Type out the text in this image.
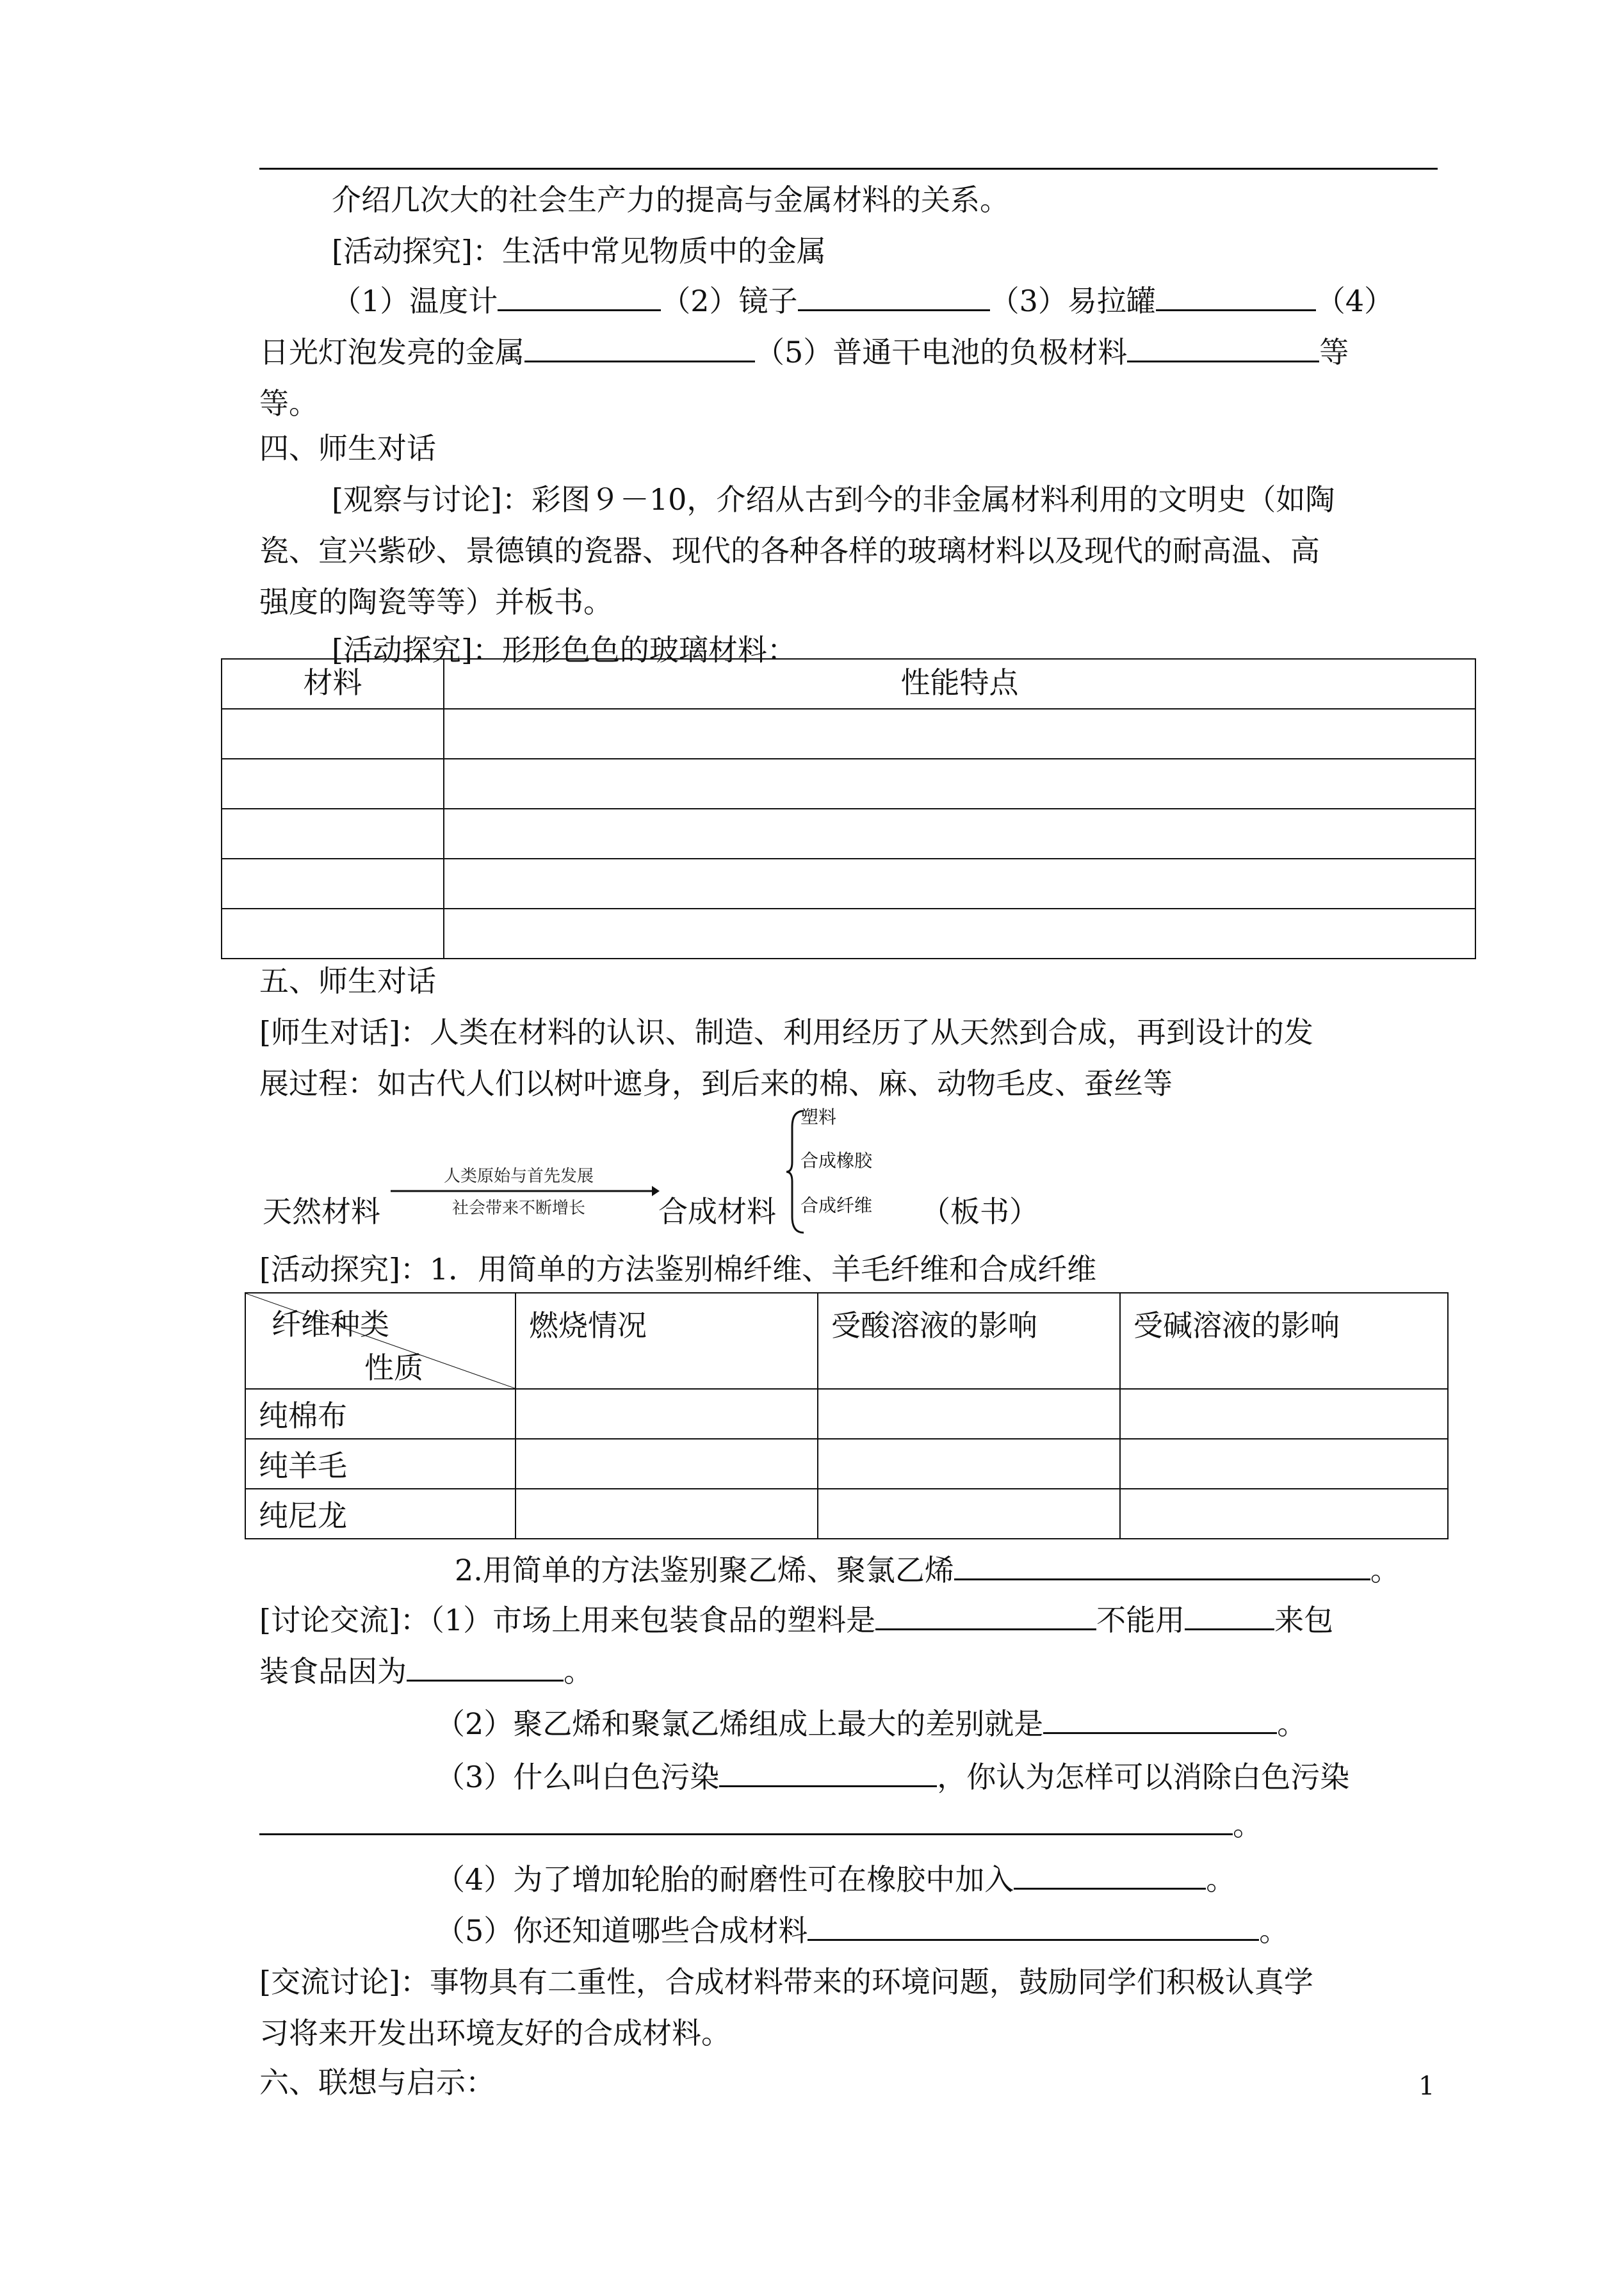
介绍几次大的社会生产力的提高与金属材料的关系。
[活动探究]：生活中常见物质中的金属
（1）温度计	（2）镜子	（3）易拉罐	（4）
日光灯泡发亮的金属	（5）普通干电池的负极材料	等
等。
四、师生对话
[观察与讨论]：彩图９－10，介绍从古到今的非金属材料利用的文明史（如陶
瓷、宣兴紫砂、景德镇的瓷器、现代的各种各样的玻璃材料以及现代的耐高温、高
强度的陶瓷等等）并板书。
[活动探究]：形形色色的玻璃材料：
材料	性能特点

五、师生对话
[师生对话]：人类在材料的认识、制造、利用经历了从天然到合成，再到设计的发
展过程：如古代人们以树叶遮身，到后来的棉、麻、动物毛皮、蚕丝等
天然材料
人类原始与首先发展
社会带来不断增长 合成材料
塑料
合成橡胶
合成纤维 （板书）
[活动探究]：1．用简单的方法鉴别棉纤维、羊毛纤维和合成纤维
纤维种类
性质	燃烧情况	受酸溶液的影响	受碱溶液的影响
纯棉布			
纯羊毛			
纯尼龙			
2.用简单的方法鉴别聚乙烯、聚氯乙烯	。
[讨论交流]：（1）市场上用来包装食品的塑料是	不能用	来包
装食品因为	。
（2）聚乙烯和聚氯乙烯组成上最大的差别就是	。
（3）什么叫白色污染	，你认为怎样可以消除白色污染
。
（4）为了增加轮胎的耐磨性可在橡胶中加入	。
（5）你还知道哪些合成材料	。
[交流讨论]：事物具有二重性，合成材料带来的环境问题，鼓励同学们积极认真学
习将来开发出环境友好的合成材料。
六、联想与启示：	1
